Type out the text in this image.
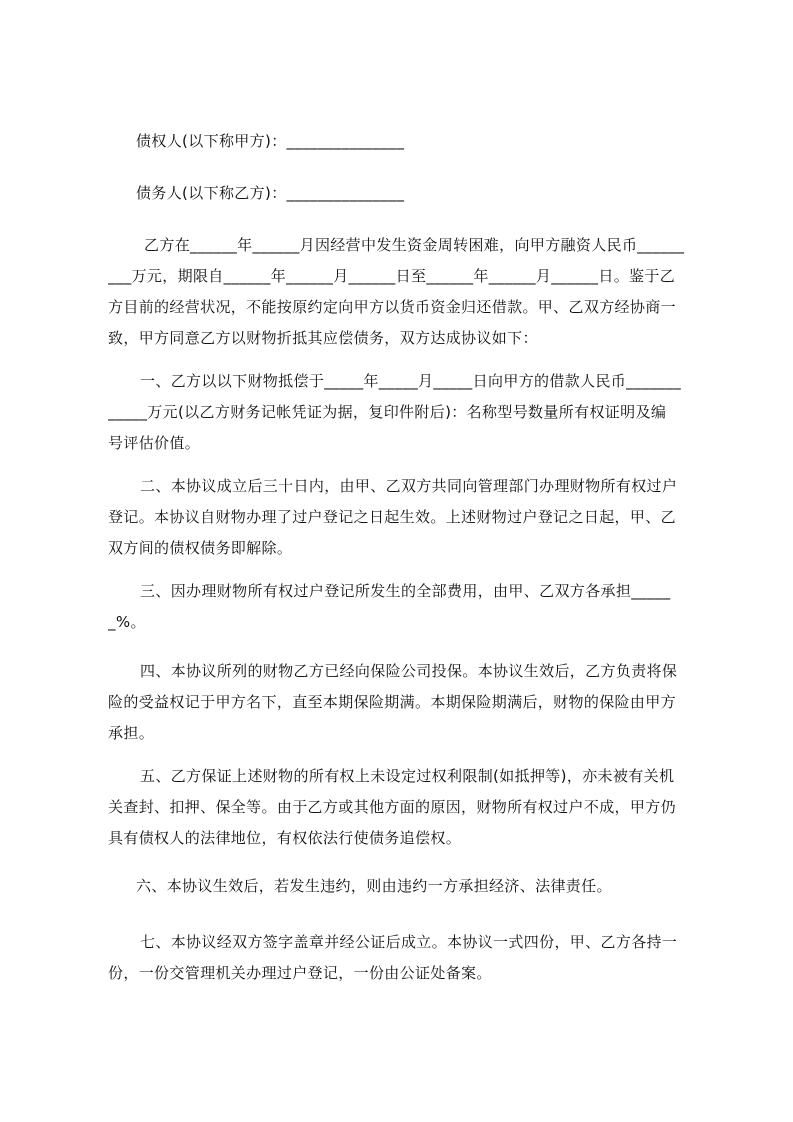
债权人(以下称甲方)：_______________
债务人(以下称乙方)：_______________
乙方在______年______月因经营中发生资金周转困难，向甲方融资人民币______
___万元，期限自______年______月______日至______年______月______日。鉴于乙
方目前的经营状况，不能按原约定向甲方以货币资金归还借款。甲、乙双方经协商一
致，甲方同意乙方以财物折抵其应偿债务，双方达成协议如下：
一、乙方以以下财物抵偿于_____年_____月_____日向甲方的借款人民币_______
_____万元(以乙方财务记帐凭证为据，复印件附后)：名称型号数量所有权证明及编
号评估价值。
二、本协议成立后三十日内，由甲、乙双方共同向管理部门办理财物所有权过户
登记。本协议自财物办理了过户登记之日起生效。上述财物过户登记之日起，甲、乙
双方间的债权债务即解除。
三、因办理财物所有权过户登记所发生的全部费用，由甲、乙双方各承担_____
_%。
四、本协议所列的财物乙方已经向保险公司投保。本协议生效后，乙方负责将保
险的受益权记于甲方名下，直至本期保险期满。本期保险期满后，财物的保险由甲方
承担。
五、乙方保证上述财物的所有权上未设定过权利限制(如抵押等)，亦未被有关机
关查封、扣押、保全等。由于乙方或其他方面的原因，财物所有权过户不成，甲方仍
具有债权人的法律地位，有权依法行使债务追偿权。
六、本协议生效后，若发生违约，则由违约一方承担经济、法律责任。
七、本协议经双方签字盖章并经公证后成立。本协议一式四份，甲、乙方各持一
份，一份交管理机关办理过户登记，一份由公证处备案。
